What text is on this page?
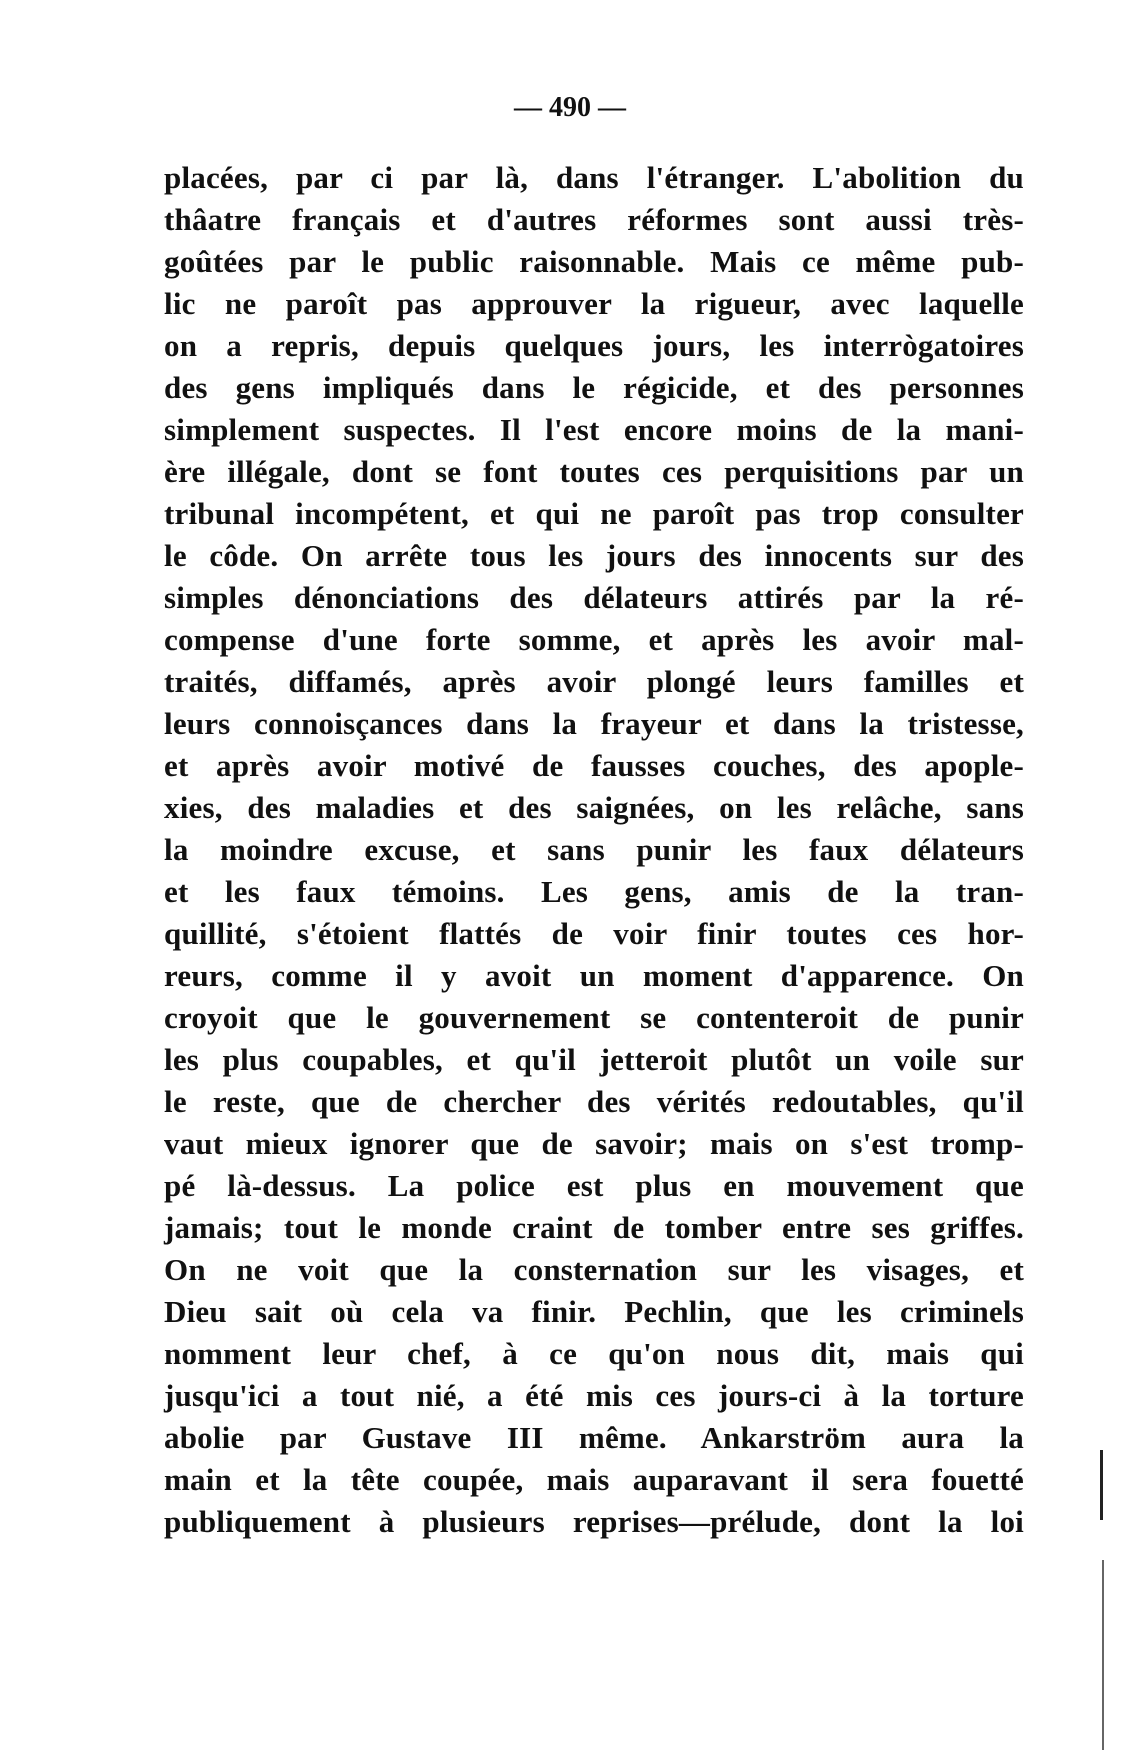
— 490 —
placées, par ci par là, dans l'étranger. L'abolition du
thâatre français et d'autres réformes sont aussi très-
goûtées par le public raisonnable. Mais ce même pub-
lic ne paroît pas approuver la rigueur, avec laquelle
on a repris, depuis quelques jours, les interrògatoires
des gens impliqués dans le régicide, et des personnes
simplement suspectes. Il l'est encore moins de la mani-
ère illégale, dont se font toutes ces perquisitions par un
tribunal incompétent, et qui ne paroît pas trop consulter
le côde. On arrête tous les jours des innocents sur des
simples dénonciations des délateurs attirés par la ré-
compense d'une forte somme, et après les avoir mal-
traités, diffamés, après avoir plongé leurs familles et
leurs connoisçances dans la frayeur et dans la tristesse,
et après avoir motivé de fausses couches, des apople-
xies, des maladies et des saignées, on les relâche, sans
la moindre excuse, et sans punir les faux délateurs
et les faux témoins. Les gens, amis de la tran-
quillité, s'étoient flattés de voir finir toutes ces hor-
reurs, comme il y avoit un moment d'apparence. On
croyoit que le gouvernement se contenteroit de punir
les plus coupables, et qu'il jetteroit plutôt un voile sur
le reste, que de chercher des vérités redoutables, qu'il
vaut mieux ignorer que de savoir; mais on s'est tromp-
pé là-dessus. La police est plus en mouvement que
jamais; tout le monde craint de tomber entre ses griffes.
On ne voit que la consternation sur les visages, et
Dieu sait où cela va finir. Pechlin, que les criminels
nomment leur chef, à ce qu'on nous dit, mais qui
jusqu'ici a tout nié, a été mis ces jours-ci à la torture
abolie par Gustave III même. Ankarström aura la
main et la tête coupée, mais auparavant il sera fouetté
publiquement à plusieurs reprises—prélude, dont la loi
